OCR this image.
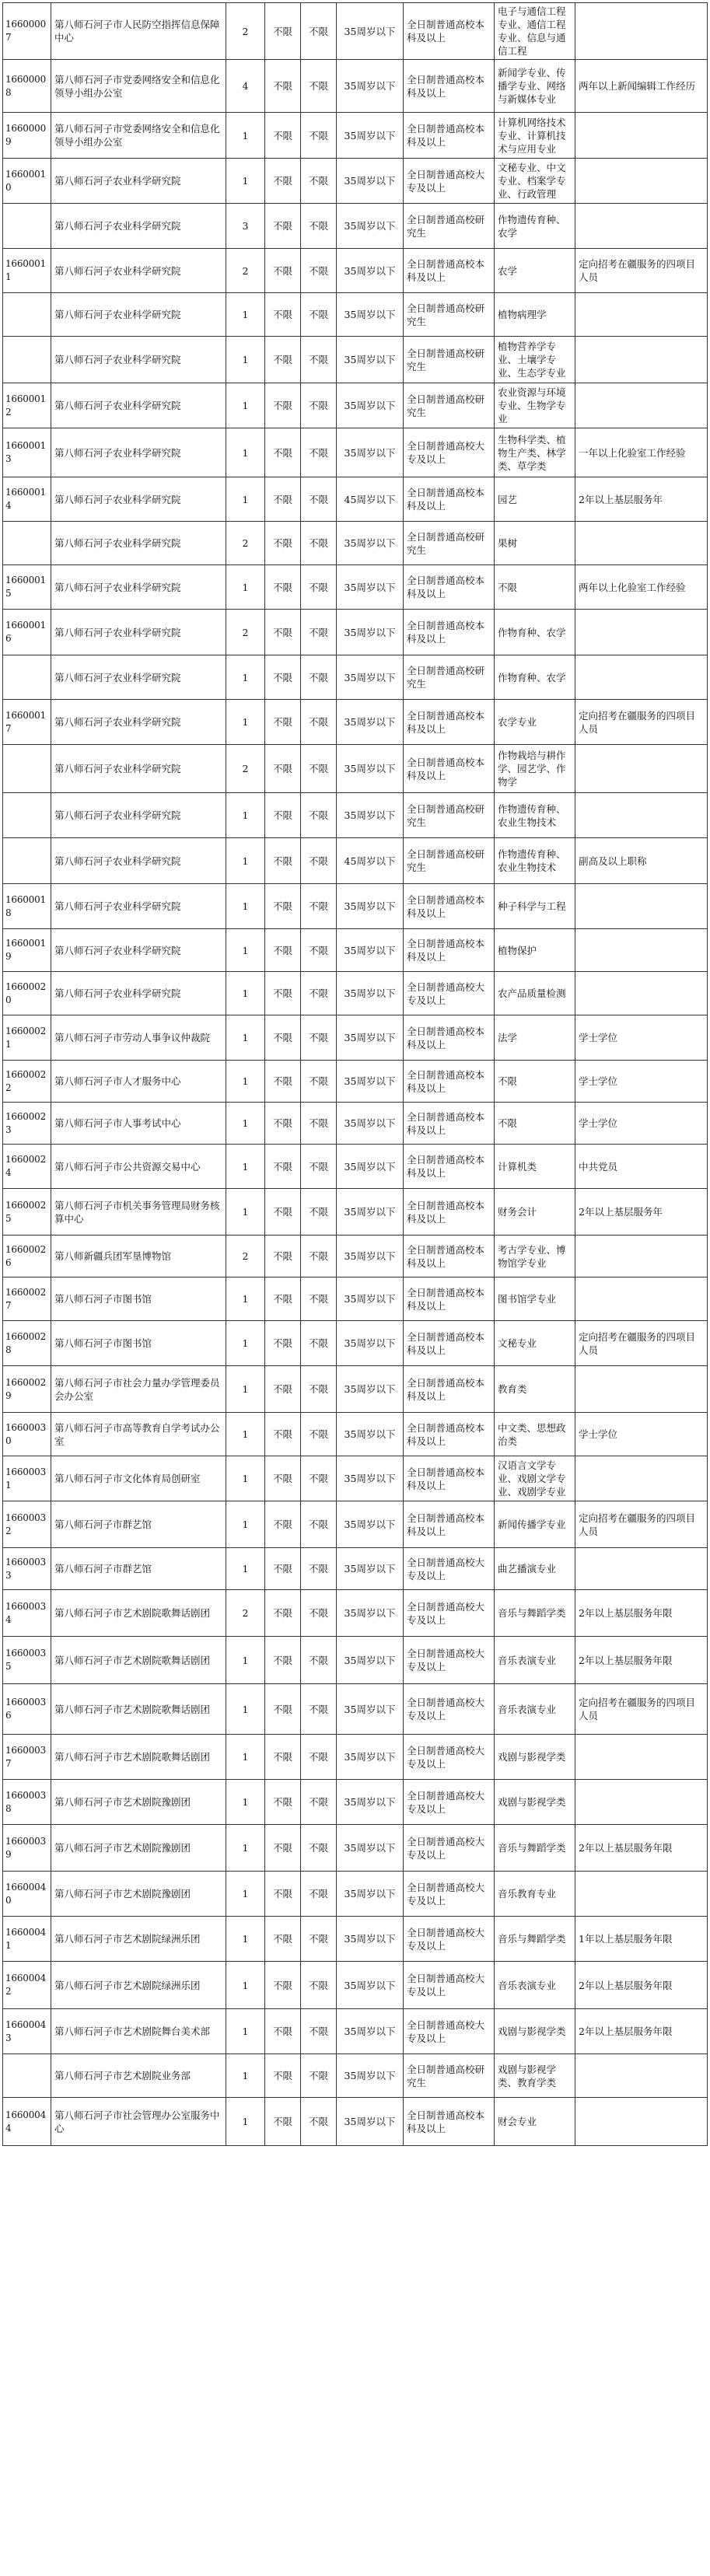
16600007	第八师石河子市人民防空指挥信息保障中心	2	不限	不限	35周岁以下	全日制普通高校本科及以上	电子与通信工程专业、通信工程专业、信息与通信工程	
16600008	第八师石河子市党委网络安全和信息化领导小组办公室	4	不限	不限	35周岁以下	全日制普通高校本科及以上	新闻学专业、传播学专业、网络与新媒体专业	两年以上新闻编辑工作经历
16600009	第八师石河子市党委网络安全和信息化领导小组办公室	1	不限	不限	35周岁以下	全日制普通高校本科及以上	计算机网络技术专业、计算机技术与应用专业	
16600010	第八师石河子农业科学研究院	1	不限	不限	35周岁以下	全日制普通高校大专及以上	文秘专业、中文专业、档案学专业、行政管理	
	第八师石河子农业科学研究院	3	不限	不限	35周岁以下	全日制普通高校研究生	作物遗传育种、农学	
16600011	第八师石河子农业科学研究院	2	不限	不限	35周岁以下	全日制普通高校本科及以上	农学	定向招考在疆服务的四项目人员
	第八师石河子农业科学研究院	1	不限	不限	35周岁以下	全日制普通高校研究生	植物病理学	
	第八师石河子农业科学研究院	1	不限	不限	35周岁以下	全日制普通高校研究生	植物营养学专业、土壤学专业、生态学专业	
16600012	第八师石河子农业科学研究院	1	不限	不限	35周岁以下	全日制普通高校研究生	农业资源与环境专业、生物学专业	
16600013	第八师石河子农业科学研究院	1	不限	不限	35周岁以下	全日制普通高校大专及以上	生物科学类、植物生产类、林学类、草学类	一年以上化验室工作经验
16600014	第八师石河子农业科学研究院	1	不限	不限	45周岁以下	全日制普通高校本科及以上	园艺	2年以上基层服务年
	第八师石河子农业科学研究院	2	不限	不限	35周岁以下	全日制普通高校研究生	果树	
16600015	第八师石河子农业科学研究院	1	不限	不限	35周岁以下	全日制普通高校本科及以上	不限	两年以上化验室工作经验
16600016	第八师石河子农业科学研究院	2	不限	不限	35周岁以下	全日制普通高校本科及以上	作物育种、农学	
	第八师石河子农业科学研究院	1	不限	不限	35周岁以下	全日制普通高校研究生	作物育种、农学	
16600017	第八师石河子农业科学研究院	1	不限	不限	35周岁以下	全日制普通高校本科及以上	农学专业	定向招考在疆服务的四项目人员
	第八师石河子农业科学研究院	2	不限	不限	35周岁以下	全日制普通高校本科及以上	作物栽培与耕作学、园艺学、作物学	
	第八师石河子农业科学研究院	1	不限	不限	35周岁以下	全日制普通高校研究生	作物遗传育种、农业生物技术	
	第八师石河子农业科学研究院	1	不限	不限	45周岁以下	全日制普通高校研究生	作物遗传育种、农业生物技术	副高及以上职称
16600018	第八师石河子农业科学研究院	1	不限	不限	35周岁以下	全日制普通高校本科及以上	种子科学与工程	
16600019	第八师石河子农业科学研究院	1	不限	不限	35周岁以下	全日制普通高校本科及以上	植物保护	
16600020	第八师石河子农业科学研究院	1	不限	不限	35周岁以下	全日制普通高校大专及以上	农产品质量检测	
16600021	第八师石河子市劳动人事争议仲裁院	1	不限	不限	35周岁以下	全日制普通高校本科及以上	法学	学士学位
16600022	第八师石河子市人才服务中心	1	不限	不限	35周岁以下	全日制普通高校本科及以上	不限	学士学位
16600023	第八师石河子市人事考试中心	1	不限	不限	35周岁以下	全日制普通高校本科及以上	不限	学士学位
16600024	第八师石河子市公共资源交易中心	1	不限	不限	35周岁以下	全日制普通高校本科及以上	计算机类	中共党员
16600025	第八师石河子市机关事务管理局财务核算中心	1	不限	不限	35周岁以下	全日制普通高校本科及以上	财务会计	2年以上基层服务年
16600026	第八师新疆兵团军垦博物馆	2	不限	不限	35周岁以下	全日制普通高校本科及以上	考古学专业、博物馆学专业	
16600027	第八师石河子市图书馆	1	不限	不限	35周岁以下	全日制普通高校本科及以上	图书馆学专业	
16600028	第八师石河子市图书馆	1	不限	不限	35周岁以下	全日制普通高校本科及以上	文秘专业	定向招考在疆服务的四项目人员
16600029	第八师石河子市社会力量办学管理委员会办公室	1	不限	不限	35周岁以下	全日制普通高校本科及以上	教育类	
16600030	第八师石河子市高等教育自学考试办公室	1	不限	不限	35周岁以下	全日制普通高校本科及以上	中文类、思想政治类	学士学位
16600031	第八师石河子市文化体育局创研室	1	不限	不限	35周岁以下	全日制普通高校本科及以上	汉语言文学专业、戏剧文学专业、戏剧学专业	
16600032	第八师石河子市群艺馆	1	不限	不限	35周岁以下	全日制普通高校本科及以上	新闻传播学专业	定向招考在疆服务的四项目人员
16600033	第八师石河子市群艺馆	1	不限	不限	35周岁以下	全日制普通高校大专及以上	曲艺播演专业	
16600034	第八师石河子市艺术剧院歌舞话剧团	2	不限	不限	35周岁以下	全日制普通高校大专及以上	音乐与舞蹈学类	2年以上基层服务年限
16600035	第八师石河子市艺术剧院歌舞话剧团	1	不限	不限	35周岁以下	全日制普通高校大专及以上	音乐表演专业	2年以上基层服务年限
16600036	第八师石河子市艺术剧院歌舞话剧团	1	不限	不限	35周岁以下	全日制普通高校大专及以上	音乐表演专业	定向招考在疆服务的四项目人员
16600037	第八师石河子市艺术剧院歌舞话剧团	1	不限	不限	35周岁以下	全日制普通高校大专及以上	戏剧与影视学类	
16600038	第八师石河子市艺术剧院豫剧团	1	不限	不限	35周岁以下	全日制普通高校大专及以上	戏剧与影视学类	
16600039	第八师石河子市艺术剧院豫剧团	1	不限	不限	35周岁以下	全日制普通高校大专及以上	音乐与舞蹈学类	2年以上基层服务年限
16600040	第八师石河子市艺术剧院豫剧团	1	不限	不限	35周岁以下	全日制普通高校大专及以上	音乐教育专业	
16600041	第八师石河子市艺术剧院绿洲乐团	1	不限	不限	35周岁以下	全日制普通高校大专及以上	音乐与舞蹈学类	1年以上基层服务年限
16600042	第八师石河子市艺术剧院绿洲乐团	1	不限	不限	35周岁以下	全日制普通高校大专及以上	音乐表演专业	2年以上基层服务年限
16600043	第八师石河子市艺术剧院舞台美术部	1	不限	不限	35周岁以下	全日制普通高校大专及以上	戏剧与影视学类	2年以上基层服务年限
	第八师石河子市艺术剧院业务部	1	不限	不限	35周岁以下	全日制普通高校研究生	戏剧与影视学类、教育学类	
16600044	第八师石河子市社会管理办公室服务中心	1	不限	不限	35周岁以下	全日制普通高校本科及以上	财会专业	
